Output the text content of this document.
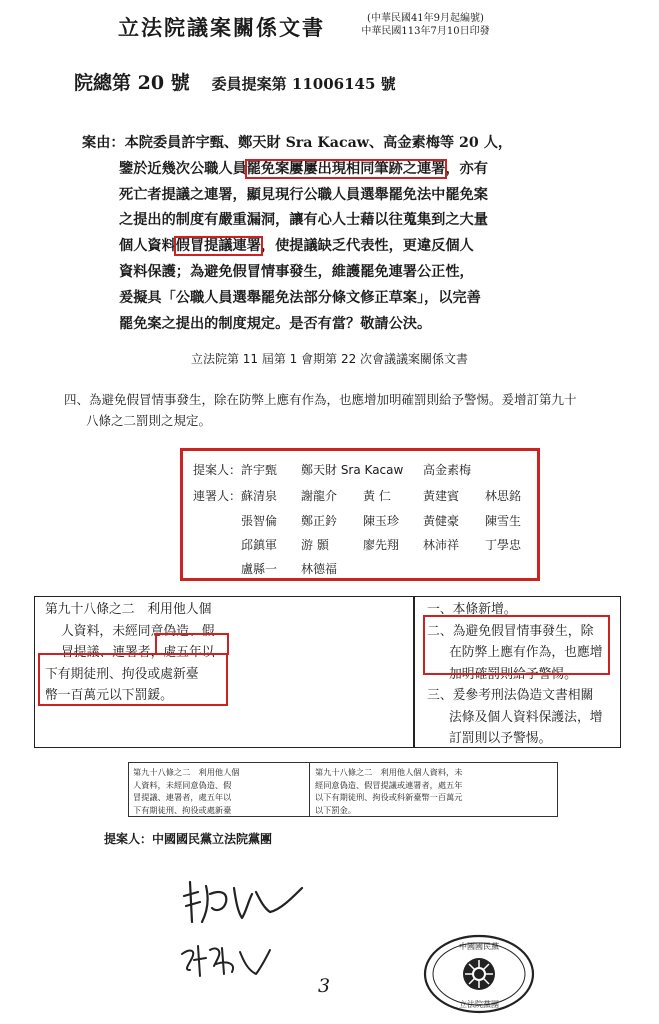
立法院議案關係文書	(中華民國41年9月起編號)
中華民國113年7月10日印發
院總第 20 號 委員提案第 11006145 號
案由：本院委員許宇甄、鄭天財 Sra Kacaw、高金素梅等 20 人，
鑒於近幾次公職人員罷免案屢屢出現相同筆跡之連署，亦有
死亡者提議之連署，顯見現行公職人員選舉罷免法中罷免案
之提出的制度有嚴重漏洞，讓有心人士藉以往蒐集到之大量
個人資料假冒提議連署，使提議缺乏代表性，更違反個人
資料保護；為避免假冒情事發生，維護罷免連署公正性，
爰擬具「公職人員選舉罷免法部分條文修正草案」，以完善
罷免案之提出的制度規定。是否有當？敬請公決。
立法院第 11 屆第 1 會期第 22 次會議議案關係文書
四、為避免假冒情事發生，除在防弊上應有作為，也應增加明確罰則給予警惕。爰增訂第九十
八條之二罰則之規定。
提案人： 許宇甄 鄭天財 Sra Kacaw 高金素梅
連署人： 蘇清泉 謝龍介 黃 仁	黃建賓 林思銘
張智倫 鄭正鈐 陳玉珍 黃健豪 陳雪生
邱鎮軍 游 顥	廖先翔 林沛祥 丁學忠
盧縣一 林德福
第九十八條之二　利用他人個
人資料，未經同意偽造、假
冒提議、連署者，處五年以
下有期徒刑、拘役或處新臺
幣一百萬元以下罰鍰。
一、本條新增。
二、為避免假冒情事發生，除
在防弊上應有作為，也應增
加明確罰則給予警惕。
三、爰參考刑法偽造文書相關
法條及個人資料保護法，增
訂罰則以予警惕。
第九十八條之二　利用他人個
人資料，未經同意偽造、假
冒提議、連署者，處五年以
下有期徒刑、拘役或處新臺
第九十八條之二　利用他人個人資料，未
經同意偽造、假冒提議或連署者，處五年
以下有期徒刑、拘役或科新臺幣一百萬元
以下罰金。
提案人：中國國民黨立法院黨團
3
中國國民黨
立法院黨團
